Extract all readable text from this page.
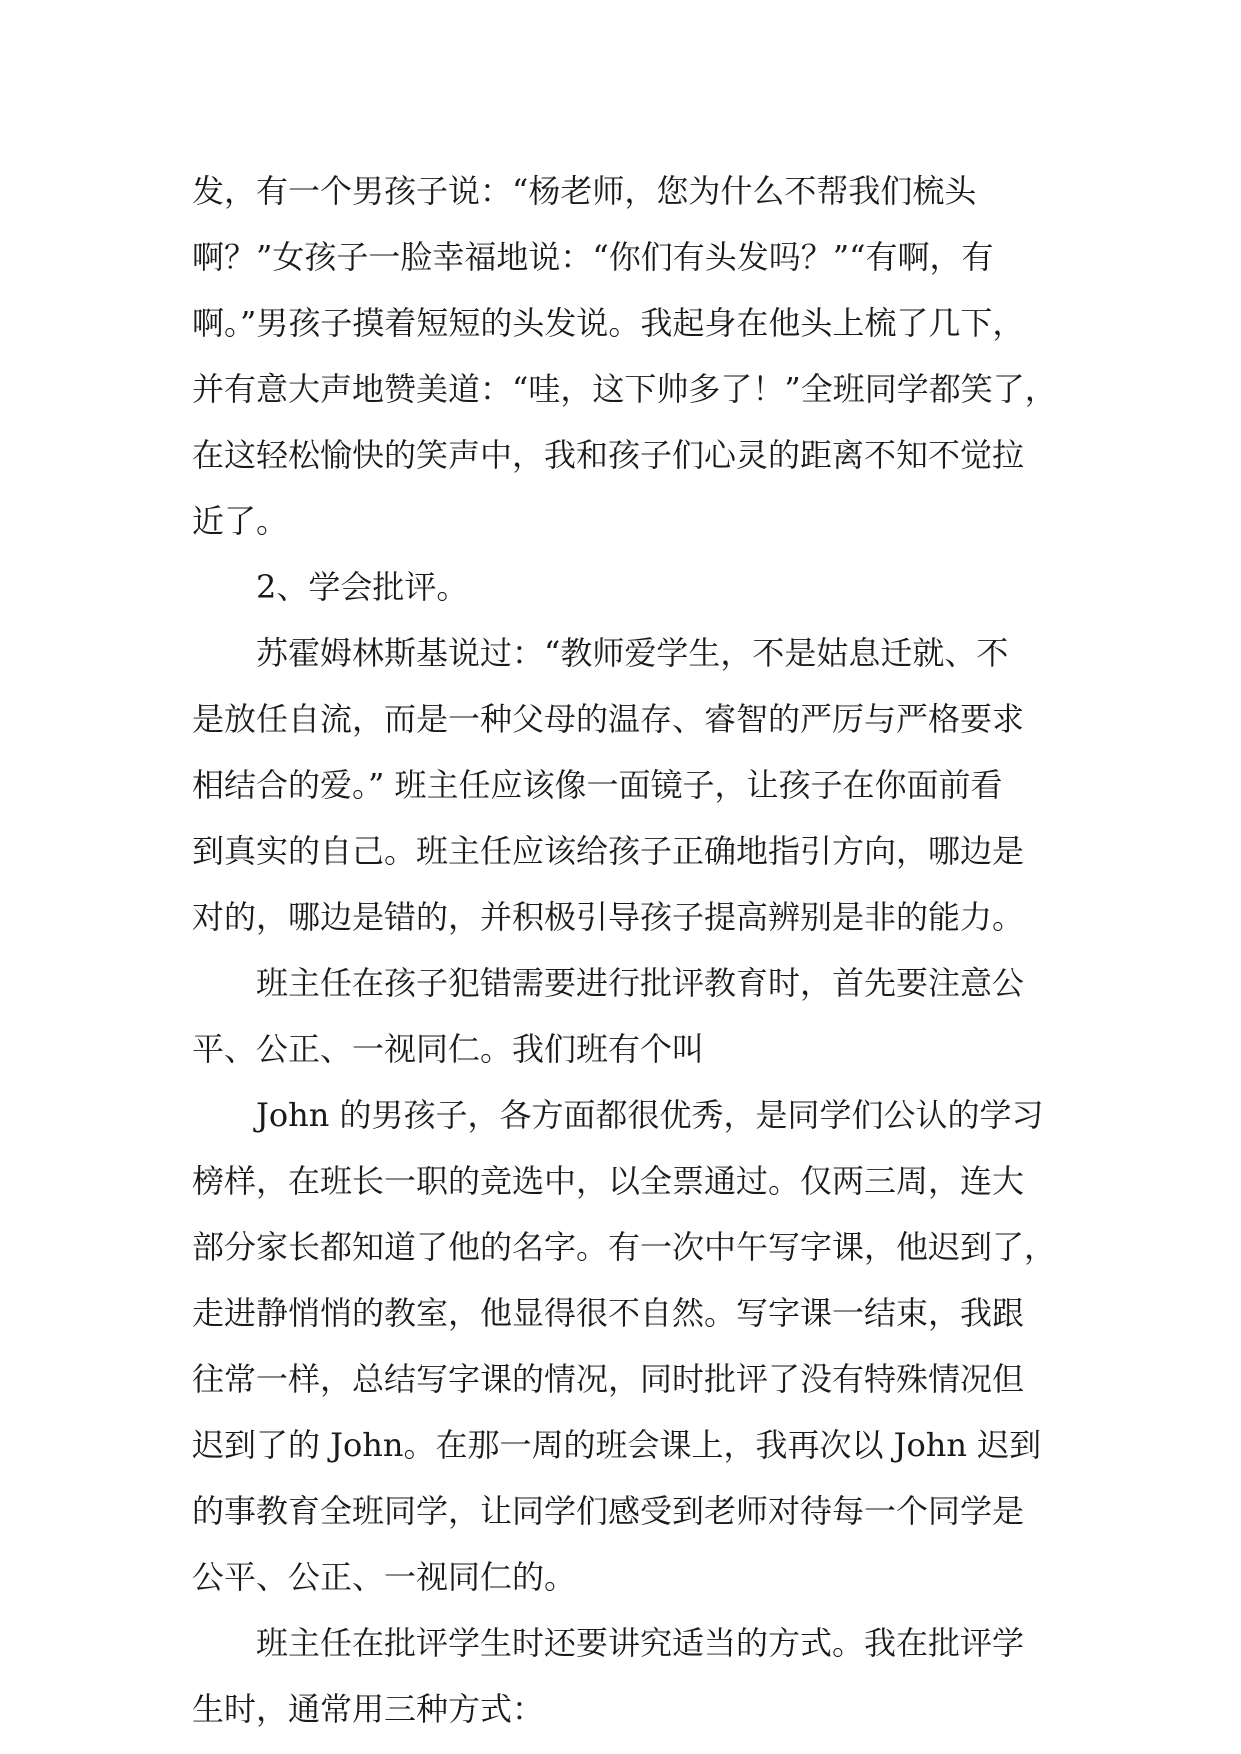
发，有一个男孩子说：“杨老师，您为什么不帮我们梳头
啊？”女孩子一脸幸福地说：“你们有头发吗？”“有啊，有
啊。”男孩子摸着短短的头发说。我起身在他头上梳了几下，
并有意大声地赞美道：“哇，这下帅多了！”全班同学都笑了，
在这轻松愉快的笑声中，我和孩子们心灵的距离不知不觉拉
近了。
2、学会批评。
苏霍姆林斯基说过：“教师爱学生，不是姑息迁就、不
是放任自流，而是一种父母的温存、睿智的严厉与严格要求
相结合的爱。” 班主任应该像一面镜子，让孩子在你面前看
到真实的自己。班主任应该给孩子正确地指引方向，哪边是
对的，哪边是错的，并积极引导孩子提高辨别是非的能力。
班主任在孩子犯错需要进行批评教育时，首先要注意公
平、公正、一视同仁。我们班有个叫
John 的男孩子，各方面都很优秀，是同学们公认的学习
榜样，在班长一职的竞选中，以全票通过。仅两三周，连大
部分家长都知道了他的名字。有一次中午写字课，他迟到了，
走进静悄悄的教室，他显得很不自然。写字课一结束，我跟
往常一样，总结写字课的情况，同时批评了没有特殊情况但
迟到了的 John。在那一周的班会课上，我再次以 John 迟到
的事教育全班同学，让同学们感受到老师对待每一个同学是
公平、公正、一视同仁的。
班主任在批评学生时还要讲究适当的方式。我在批评学
生时，通常用三种方式：
